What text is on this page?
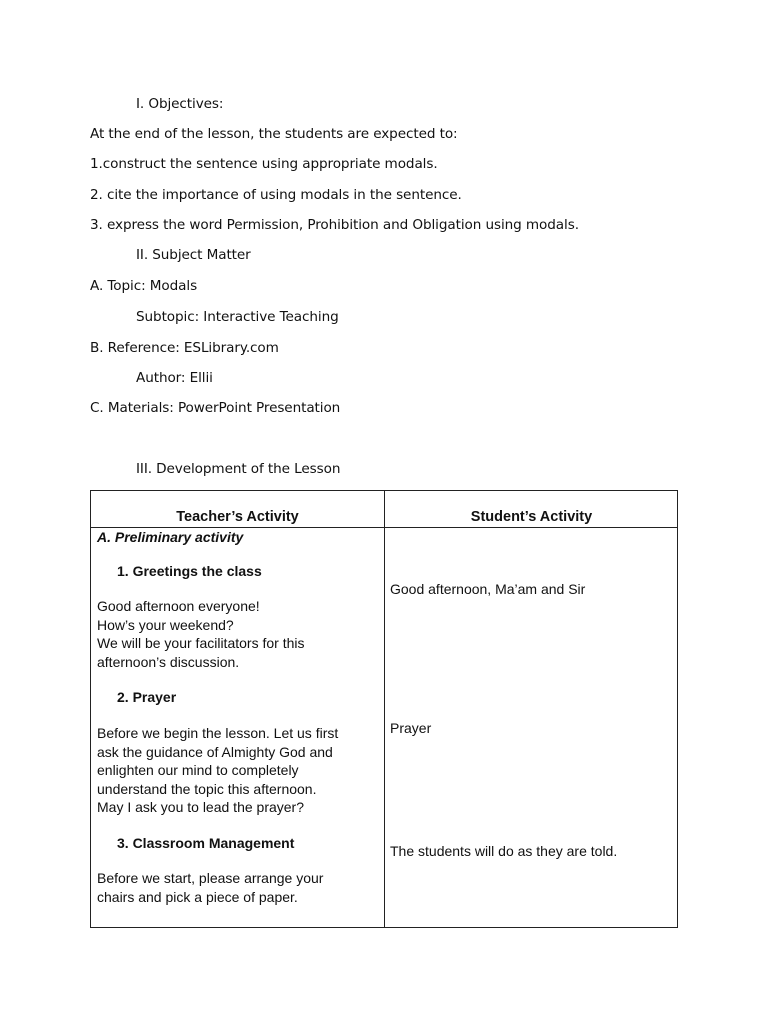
I. Objectives:
At the end of the lesson, the students are expected to:
1.construct the sentence using appropriate modals.
2. cite the importance of using modals in the sentence.
3. express the word Permission, Prohibition and Obligation using modals.
II. Subject Matter
A. Topic: Modals
Subtopic: Interactive Teaching
B. Reference: ESLibrary.com
Author: Ellii
C. Materials: PowerPoint Presentation
III. Development of the Lesson
Teacher’s Activity	Student’s Activity
A. Preliminary activity
1. Greetings the class
Good afternoon everyone!
How’s your weekend?
We will be your facilitators for this
afternoon’s discussion.
2. Prayer
Before we begin the lesson. Let us first
ask the guidance of Almighty God and
enlighten our mind to completely
understand the topic this afternoon.
May I ask you to lead the prayer?
3. Classroom Management
Before we start, please arrange your
chairs and pick a piece of paper.
Good afternoon, Ma’am and Sir
Prayer
The students will do as they are told.
